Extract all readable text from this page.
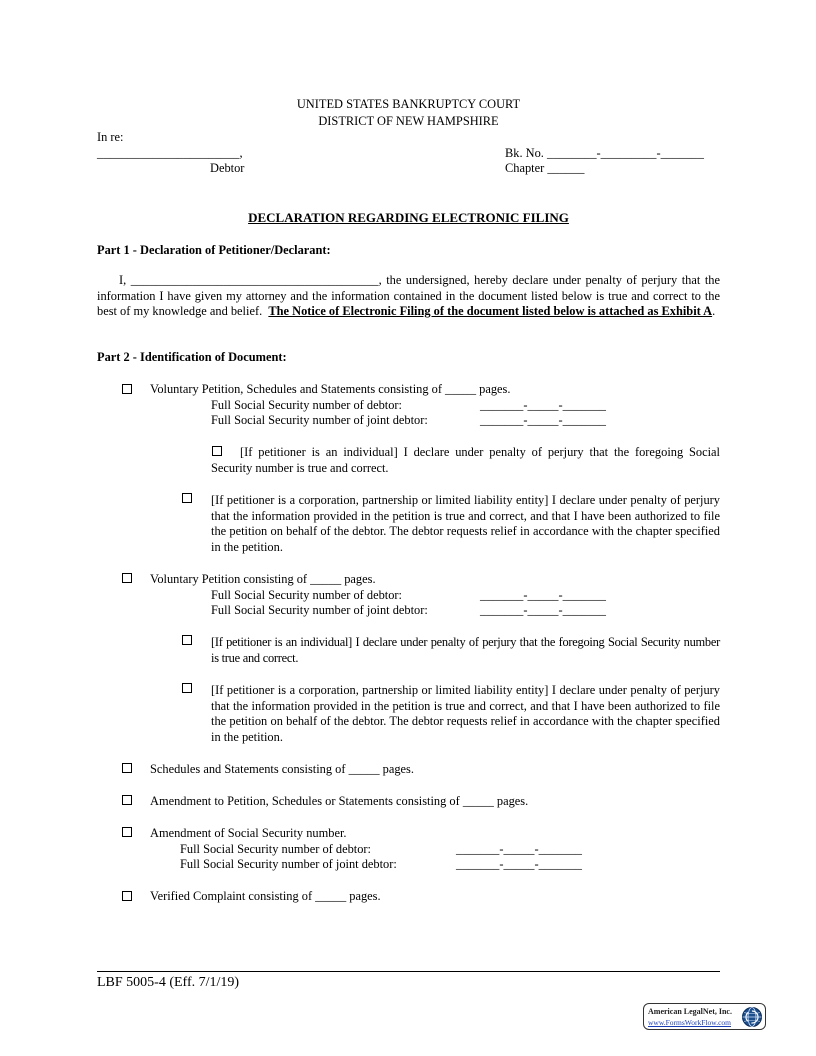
UNITED STATES BANKRUPTCY COURT
DISTRICT OF NEW HAMPSHIRE
In re:
_______________________,
Debtor
Bk. No. ________-_________-_______
Chapter ______
DECLARATION REGARDING ELECTRONIC FILING
Part 1 - Declaration of Petitioner/Declarant:
I, ________________________________________, the undersigned, hereby declare under penalty of perjury that the information I have given my attorney and the information contained in the document listed below is true and correct to the best of my knowledge and belief. The Notice of Electronic Filing of the document listed below is attached as Exhibit A.
Part 2 - Identification of Document:
Voluntary Petition, Schedules and Statements consisting of _____ pages.
Full Social Security number of debtor:	_______-_____-_______
Full Social Security number of joint debtor:	_______-_____-_______
[If petitioner is an individual] I declare under penalty of perjury that the foregoing Social Security number is true and correct.
[If petitioner is a corporation, partnership or limited liability entity] I declare under penalty of perjury that the information provided in the petition is true and correct, and that I have been authorized to file the petition on behalf of the debtor. The debtor requests relief in accordance with the chapter specified in the petition.
Voluntary Petition consisting of _____ pages.
Full Social Security number of debtor:	_______-_____-_______
Full Social Security number of joint debtor:	_______-_____-_______
[If petitioner is an individual] I declare under penalty of perjury that the foregoing Social Security number is true and correct.
[If petitioner is a corporation, partnership or limited liability entity] I declare under penalty of perjury that the information provided in the petition is true and correct, and that I have been authorized to file the petition on behalf of the debtor. The debtor requests relief in accordance with the chapter specified in the petition.
Schedules and Statements consisting of _____ pages.
Amendment to Petition, Schedules or Statements consisting of _____ pages.
Amendment of Social Security number.
Full Social Security number of debtor:	_______-_____-_______
Full Social Security number of joint debtor:	_______-_____-_______
Verified Complaint consisting of _____ pages.
LBF 5005-4 (Eff. 7/1/19)
American LegalNet, Inc.
www.FormsWorkFlow.com
